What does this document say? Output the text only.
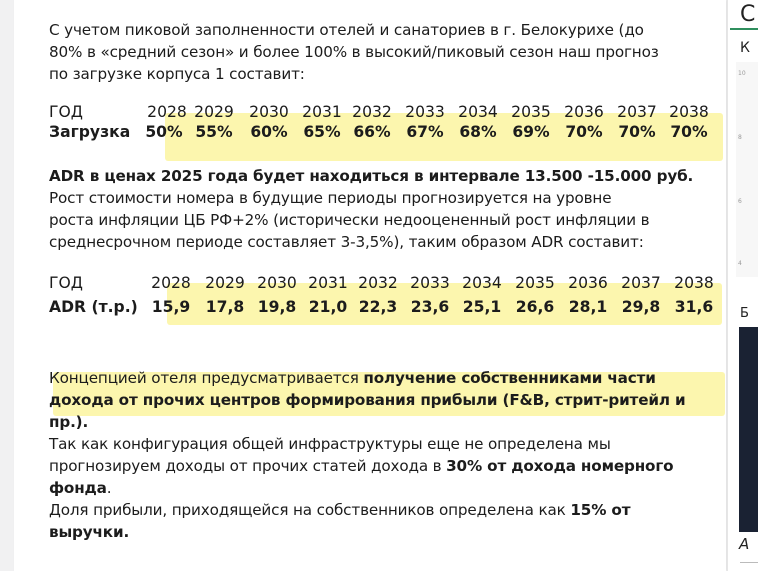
С учетом пиковой заполненности отелей и санаториев в г. Белокурихе (до
80% в «средний сезон» и более 100% в высокий/пиковый сезон наш прогноз
по загрузке корпуса 1 составит:
ГОД	2028 2029 2030 2031 2032 2033 2034 2035 2036 2037 2038
Загрузка 50% 55%	60%	65% 66%	67%	68%	69%	70%	70% 70%
ADR в ценах 2025 года будет находиться в интервале 13.500 -15.000 руб.
Рост стоимости номера в будущие периоды прогнозируется на уровне
роста инфляции ЦБ РФ+2% (исторически недооцененный рост инфляции в
среднесрочном периоде составляет 3-3,5%), таким образом ADR составит:
ГОД	2028 2029 2030 2031 2032 2033 2034 2035 2036 2037 2038
ADR (т.р.) 15,9 17,8 19,8 21,0 22,3 23,6 25,1 26,6 28,1 29,8 31,6
Концепцией отеля предусматривается получение собственниками части
дохода от прочих центров формирования прибыли (F&B, стрит-ритейл и
пр.).
Так как конфигурация общей инфраструктуры еще не определена мы
прогнозируем доходы от прочих статей дохода в 30% от дохода номерного
фонда.
Доля прибыли, приходящейся на собственников определена как 15% от
выручки.
С
К
10
8
6
4
Б
А
